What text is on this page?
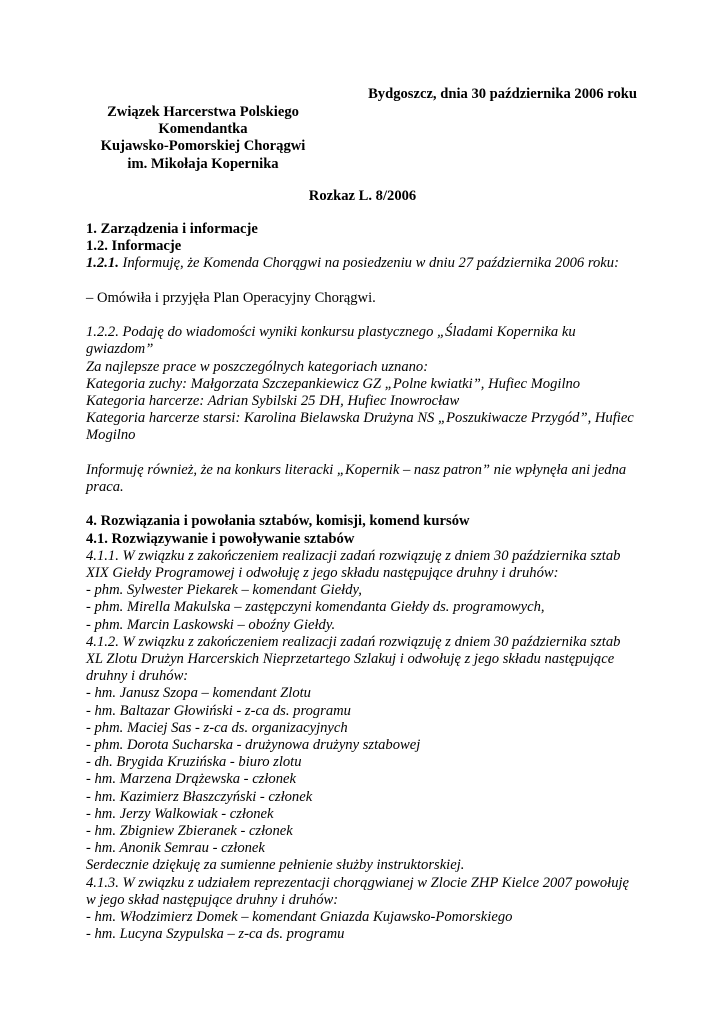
Bydgoszcz, dnia 30 października 2006 roku
Związek Harcerstwa Polskiego
Komendantka
Kujawsko-Pomorskiej Chorągwi
im. Mikołaja Kopernika
Rozkaz L. 8/2006
1. Zarządzenia i informacje
1.2. Informacje
1.2.1. Informuję, że Komenda Chorągwi na posiedzeniu w dniu 27 października 2006 roku:
– Omówiła i przyjęła Plan Operacyjny Chorągwi.
1.2.2. Podaję do wiadomości wyniki konkursu plastycznego „Śladami Kopernika ku
gwiazdom”
Za najlepsze prace w poszczególnych kategoriach uznano:
Kategoria zuchy: Małgorzata Szczepankiewicz GZ „Polne kwiatki”, Hufiec Mogilno
Kategoria harcerze: Adrian Sybilski 25 DH, Hufiec Inowrocław
Kategoria harcerze starsi: Karolina Bielawska Drużyna NS „Poszukiwacze Przygód”, Hufiec
Mogilno
Informuję również, że na konkurs literacki „Kopernik – nasz patron” nie wpłynęła ani jedna
praca.
4. Rozwiązania i powołania sztabów, komisji, komend kursów
4.1. Rozwiązywanie i powoływanie sztabów
4.1.1. W związku z zakończeniem realizacji zadań rozwiązuję z dniem 30 października sztab
XIX Giełdy Programowej i odwołuję z jego składu następujące druhny i druhów:
- phm. Sylwester Piekarek – komendant Giełdy,
- phm. Mirella Makulska – zastępczyni komendanta Giełdy ds. programowych,
- phm. Marcin Laskowski – oboźny Giełdy.
4.1.2. W związku z zakończeniem realizacji zadań rozwiązuję z dniem 30 października sztab
XL Zlotu Drużyn Harcerskich Nieprzetartego Szlakuj i odwołuję z jego składu następujące
druhny i druhów:
- hm. Janusz Szopa – komendant Zlotu
- hm. Baltazar Głowiński - z-ca ds. programu
- phm. Maciej Sas - z-ca ds. organizacyjnych
- phm. Dorota Sucharska - drużynowa drużyny sztabowej
- dh. Brygida Kruzińska - biuro zlotu
- hm. Marzena Drążewska - członek
- hm. Kazimierz Błaszczyński - członek
- hm. Jerzy Walkowiak - członek
- hm. Zbigniew Zbieranek - członek
- hm. Anonik Semrau - członek
Serdecznie dziękuję za sumienne pełnienie służby instruktorskiej.
4.1.3. W związku z udziałem reprezentacji chorągwianej w Zlocie ZHP Kielce 2007 powołuję
w jego skład następujące druhny i druhów:
- hm. Włodzimierz Domek – komendant Gniazda Kujawsko-Pomorskiego
- hm. Lucyna Szypulska – z-ca ds. programu
